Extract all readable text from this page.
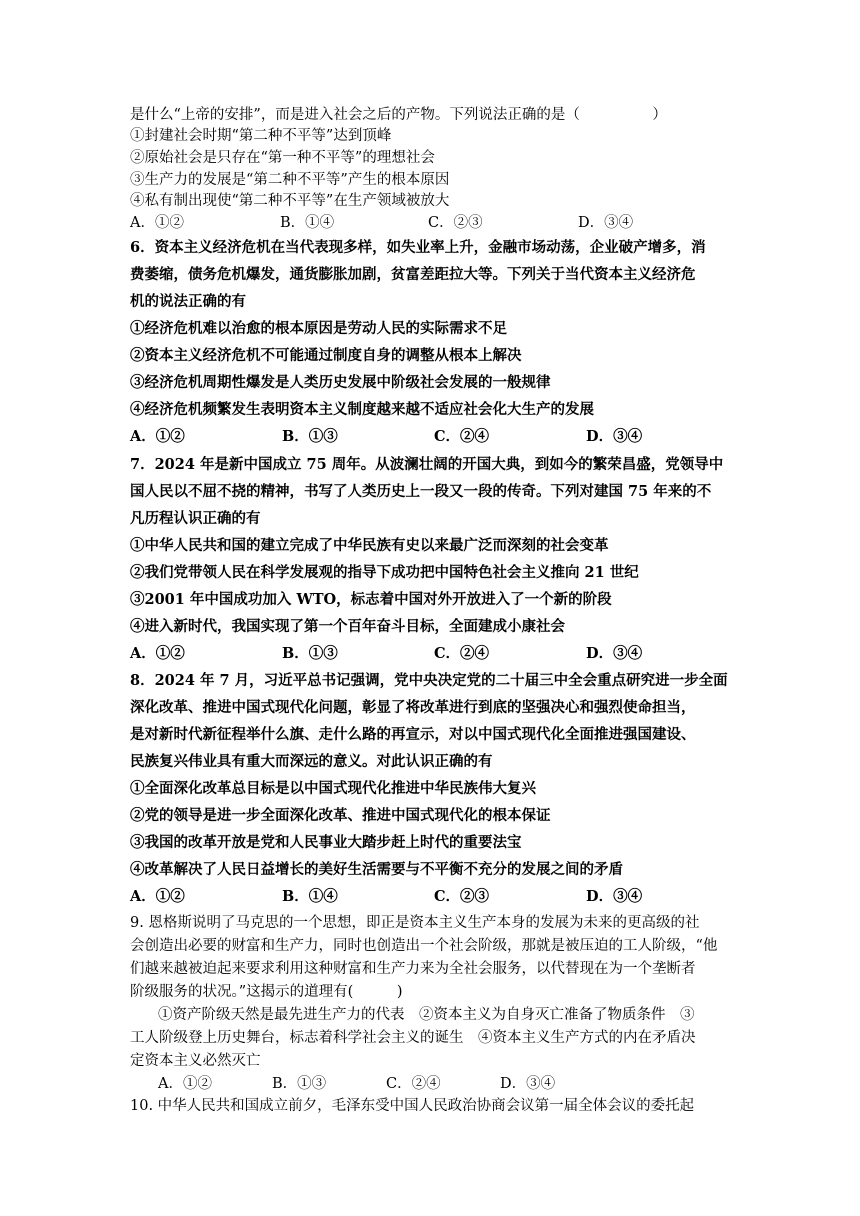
是什么“上帝的安排”，而是进入社会之后的产物。下列说法正确的是（　　　　　）
①封建社会时期“第二种不平等”达到顶峰
②原始社会是只存在“第一种不平等”的理想社会
③生产力的发展是“第二种不平等”产生的根本原因
④私有制出现使“第二种不平等”在生产领域被放大
A．①②	B．①④	C．②③	D．③④
6．资本主义经济危机在当代表现多样，如失业率上升，金融市场动荡，企业破产增多，消
费萎缩，债务危机爆发，通货膨胀加剧，贫富差距拉大等。下列关于当代资本主义经济危
机的说法正确的有
①经济危机难以治愈的根本原因是劳动人民的实际需求不足
②资本主义经济危机不可能通过制度自身的调整从根本上解决
③经济危机周期性爆发是人类历史发展中阶级社会发展的一般规律
④经济危机频繁发生表明资本主义制度越来越不适应社会化大生产的发展
A．①②	B．①③	C．②④	D．③④
7．2024 年是新中国成立 75 周年。从波澜壮阔的开国大典，到如今的繁荣昌盛，党领导中
国人民以不屈不挠的精神，书写了人类历史上一段又一段的传奇。下列对建国 75 年来的不
凡历程认识正确的有
①中华人民共和国的建立完成了中华民族有史以来最广泛而深刻的社会变革
②我们党带领人民在科学发展观的指导下成功把中国特色社会主义推向 21 世纪
③2001 年中国成功加入 WTO，标志着中国对外开放进入了一个新的阶段
④进入新时代，我国实现了第一个百年奋斗目标，全面建成小康社会
A．①②	B．①③	C．②④	D．③④
8．2024 年 7 月，习近平总书记强调，党中央决定党的二十届三中全会重点研究进一步全面
深化改革、推进中国式现代化问题，彰显了将改革进行到底的坚强决心和强烈使命担当，
是对新时代新征程举什么旗、走什么路的再宣示，对以中国式现代化全面推进强国建设、
民族复兴伟业具有重大而深远的意义。对此认识正确的有
①全面深化改革总目标是以中国式现代化推进中华民族伟大复兴
②党的领导是进一步全面深化改革、推进中国式现代化的根本保证
③我国的改革开放是党和人民事业大踏步赶上时代的重要法宝
④改革解决了人民日益增长的美好生活需要与不平衡不充分的发展之间的矛盾
A．①②	B．①④	C．②③	D．③④
9. 恩格斯说明了马克思的一个思想，即正是资本主义生产本身的发展为未来的更高级的社
会创造出必要的财富和生产力，同时也创造出一个社会阶级，那就是被压迫的工人阶级，“他
们越来越被迫起来要求利用这种财富和生产力来为全社会服务，以代替现在为一个垄断者
阶级服务的状况。”这揭示的道理有(　　　)
①资产阶级天然是最先进生产力的代表　②资本主义为自身灭亡准备了物质条件　③
工人阶级登上历史舞台，标志着科学社会主义的诞生　④资本主义生产方式的内在矛盾决
定资本主义必然灭亡
A．①②	B．①③	C．②④	D．③④
10. 中华人民共和国成立前夕，毛泽东受中国人民政治协商会议第一届全体会议的委托起
